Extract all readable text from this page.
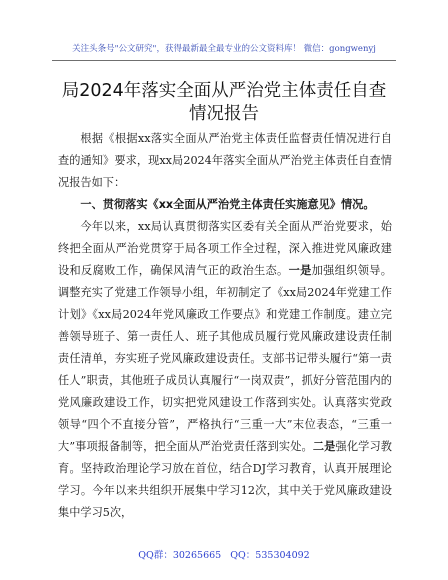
关注头条号"公文研究"，获得最新最全最专业的公文资料库！ 微信：gongwenyj
局2024年落实全面从严治党主体责任自查情况报告

根据《根据xx落实全面从严治党主体责任监督责任情况进行自查的通知》要求，现xx局2024年落实全面从严治党主体责任自查情况报告如下：

一、贯彻落实《xx全面从严治党主体责任实施意见》情况。

今年以来，xx局认真贯彻落实区委有关全面从严治党要求，始终把全面从严治党贯穿于局各项工作全过程，深入推进党风廉政建设和反腐败工作，确保风清气正的政治生态。一是加强组织领导。调整充实了党建工作领导小组，年初制定了《xx局2024年党建工作计划》《xx局2024年党风廉政工作要点》和党建工作制度。建立完善领导班子、第一责任人、班子其他成员履行党风廉政建设责任制责任清单，夯实班子党风廉政建设责任。支部书记带头履行“第一责任人”职责，其他班子成员认真履行“一岗双责”，抓好分管范围内的党风廉政建设工作，切实把党风建设工作落到实处。认真落实党政领导“四个不直接分管”，严格执行“三重一大”末位表态，“三重一大”事项报备制等，把全面从严治党责任落到实处。二是强化学习教育。坚持政治理论学习放在首位，结合DJ学习教育，认真开展理论学习。今年以来共组织开展集中学习12次，其中关于党风廉政建设集中学习5次，

QQ群：30265665 QQ：535304092
